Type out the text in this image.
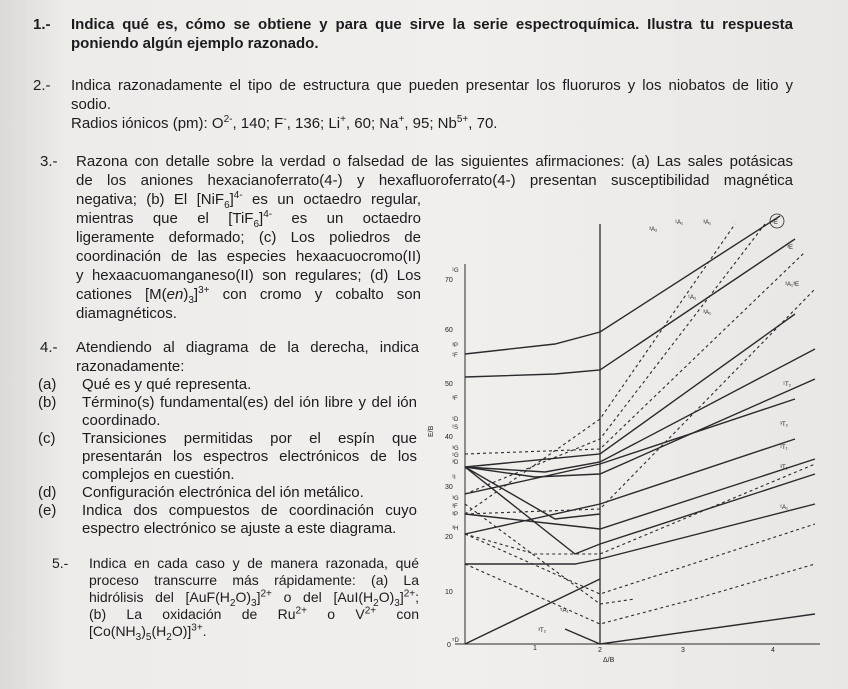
1.- Indica qué es, cómo se obtiene y para que sirve la serie espectroquímica. Ilustra tu respuesta
poniendo algún ejemplo razonado.
2.- Indica razonadamente el tipo de estructura que pueden presentar los fluoruros y los niobatos de litio y
sodio.
Radios iónicos (pm): $O^{2-}$, 140; F-, 136; Li+, 60; Na+, 95; $Nb^{5+}$, 70.
3.- Razona con detalle sobre la verdad o falsedad de las siguientes afirmaciones: (a) Las sales potásicas
de los aniones hexacianoferrato(4-) y hexafluoroferrato(4-) presentan susceptibilidad magnética
negativa; (b) El $[NiF_6]^{4-}$ es un octaedro regular,
mientras que el $[TiF_6]^{4-}$ es un octaedro
ligeramente deformado; (c) Los poliedros de
coordinación de las especies hexaacuocromo(II)
y hexaacuomanganeso(II) son regulares; (d) Los
cationes $[M(en)_3]^{3+}$ con cromo y cobalto son
diamagnéticos.
4.- Atendiendo al diagrama de la derecha, indica
razonadamente:
(a) Qué es y qué representa.
(b) Término(s) fundamental(es) del ión libre y del ión
coordinado.
(c) Transiciones permitidas por el espín que
presentarán los espectros electrónicos de los
complejos en cuestión.
(d) Configuración electrónica del ión metálico.
(e) Indica dos compuestos de coordinación cuyo
espectro electrónico se ajuste a este diagrama.
5.- Indica en cada caso y de manera razonada, qué
proceso transcurre más rápidamente: (a) La
hidrólisis del $[AuF(H_2O)_3]^{2+}$ o del $[AuI(H_2O)_3]^{2+}$;
(b) La oxidación de $Ru^{2+}$ o $V^{2+}$ con
$[Co(NH_3)_5(H_2O)]^{3+}$.
0
10
20
30
40
50
60
70
E/B
1	2	3	4
Δ/B
¹G
³P
¹F
³F
¹D
¹S
³G
¹G
³D
¹I
³G
³F
³P
³H
⁵D
¹E
³E
³A₁ ³E
¹T₂
³T₂
¹T₁
³T₁
¹A₁
³A₂
¹A₁	³A₁
¹A₂
³A₁
⁵A₁
³T₂
